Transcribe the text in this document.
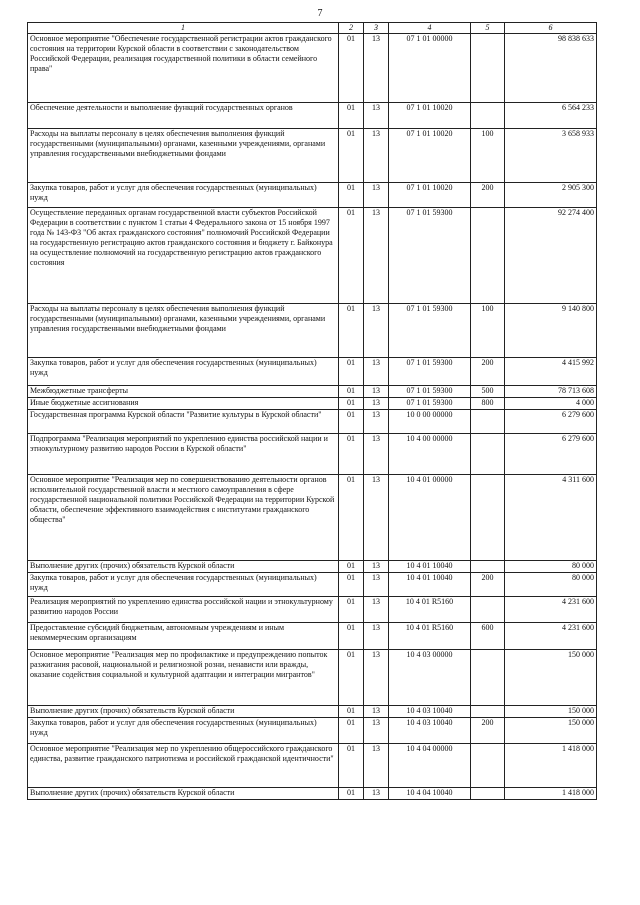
7
1	2	3	4	5	6
Основное мероприятие "Обеспечение государственной регистрации актов гражданского состояния на территории Курской области в соответствии с законодательством Российской Федерации, реализация государственной политики в области семейного права"	01	13	07 1 01 00000		98 838 633
Обеспечение деятельности и выполнение функций государственных органов	01	13	07 1 01 10020		6 564 233
Расходы на выплаты персоналу в целях обеспечения выполнения функций государственными (муниципальными) органами, казенными учреждениями, органами управления государственными внебюджетными фондами	01	13	07 1 01 10020	100	3 658 933
Закупка товаров, работ и услуг для обеспечения государственных (муниципальных) нужд	01	13	07 1 01 10020	200	2 905 300
Осуществление переданных органам государственной власти субъектов Российской Федерации в соответствии с пунктом 1 статьи 4 Федерального закона от 15 ноября 1997 года № 143-ФЗ "Об актах гражданского состояния" полномочий Российской Федерации на государственную регистрацию актов гражданского состояния и бюджету г. Байконура на осуществление полномочий на государственную регистрацию актов гражданского состояния	01	13	07 1 01 59300		92 274 400
Расходы на выплаты персоналу в целях обеспечения выполнения функций государственными (муниципальными) органами, казенными учреждениями, органами управления государственными внебюджетными фондами	01	13	07 1 01 59300	100	9 140 800
Закупка товаров, работ и услуг для обеспечения государственных (муниципальных) нужд	01	13	07 1 01 59300	200	4 415 992
Межбюджетные трансферты	01	13	07 1 01 59300	500	78 713 608
Иные бюджетные ассигнования	01	13	07 1 01 59300	800	4 000
Государственная программа Курской области "Развитие культуры в Курской области"	01	13	10 0 00 00000		6 279 600
Подпрограмма "Реализация мероприятий по укреплению единства российской нации и этнокультурному развитию народов России в Курской области"	01	13	10 4 00 00000		6 279 600
Основное мероприятие "Реализация мер по совершенствованию деятельности органов исполнительной государственной власти и местного самоуправления в сфере государственной национальной политики Российской Федерации на территории Курской области, обеспечение эффективного взаимодействия с институтами гражданского общества"	01	13	10 4 01 00000		4 311 600
Выполнение других (прочих) обязательств Курской области	01	13	10 4 01 10040		80 000
Закупка товаров, работ и услуг для обеспечения государственных (муниципальных) нужд	01	13	10 4 01 10040	200	80 000
Реализация мероприятий по укреплению единства российской нации и этнокультурному развитию народов России	01	13	10 4 01 R5160		4 231 600
Предоставление субсидий бюджетным, автономным учреждениям и иным некоммерческим организациям	01	13	10 4 01 R5160	600	4 231 600
Основное мероприятие "Реализация мер по профилактике и предупреждению попыток разжигания расовой, национальной и религиозной розни, ненависти или вражды, оказание содействия социальной и культурной адаптации и интеграции мигрантов"	01	13	10 4 03 00000		150 000
Выполнение других (прочих) обязательств Курской области	01	13	10 4 03 10040		150 000
Закупка товаров, работ и услуг для обеспечения государственных (муниципальных) нужд	01	13	10 4 03 10040	200	150 000
Основное мероприятие "Реализация мер по укреплению общероссийского гражданского единства, развитие гражданского патриотизма и российской гражданской идентичности"	01	13	10 4 04 00000		1 418 000
Выполнение других (прочих) обязательств Курской области	01	13	10 4 04 10040		1 418 000
